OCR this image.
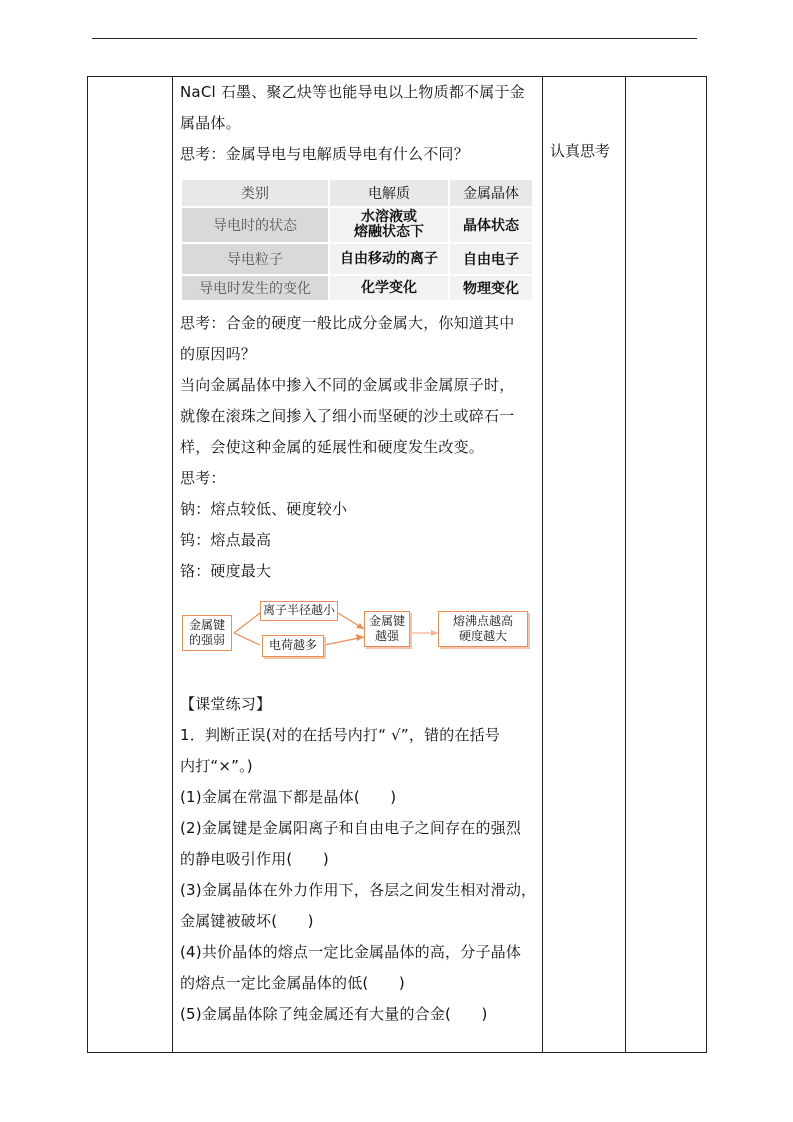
NaCl 石墨、聚乙炔等也能导电以上物质都不属于金

属晶体。

思考：金属导电与电解质导电有什么不同？

类别	电解质	金属晶体
导电时的状态	水溶液或
熔融状态下	晶体状态
导电粒子	自由移动的离子	自由电子
导电时发生的变化	化学变化	物理变化

思考：合金的硬度一般比成分金属大，你知道其中

的原因吗？

当向金属晶体中掺入不同的金属或非金属原子时，

就像在滚珠之间掺入了细小而坚硬的沙土或碎石一

样，会使这种金属的延展性和硬度发生改变。

思考：

钠：熔点较低、硬度较小

钨：熔点最高

铬：硬度最大

金属键
的强弱
离子半径越小
电荷越多
金属键
越强
熔沸点越高
硬度越大

【课堂练习】

1．判断正误(对的在括号内打“ √”，错的在括号

内打“×”。)

(1)金属在常温下都是晶体(　　)

(2)金属键是金属阳离子和自由电子之间存在的强烈

的静电吸引作用(　　)

(3)金属晶体在外力作用下，各层之间发生相对滑动，

金属键被破坏(　　)

(4)共价晶体的熔点一定比金属晶体的高，分子晶体

的熔点一定比金属晶体的低(　　)

(5)金属晶体除了纯金属还有大量的合金(　　)

认真思考
